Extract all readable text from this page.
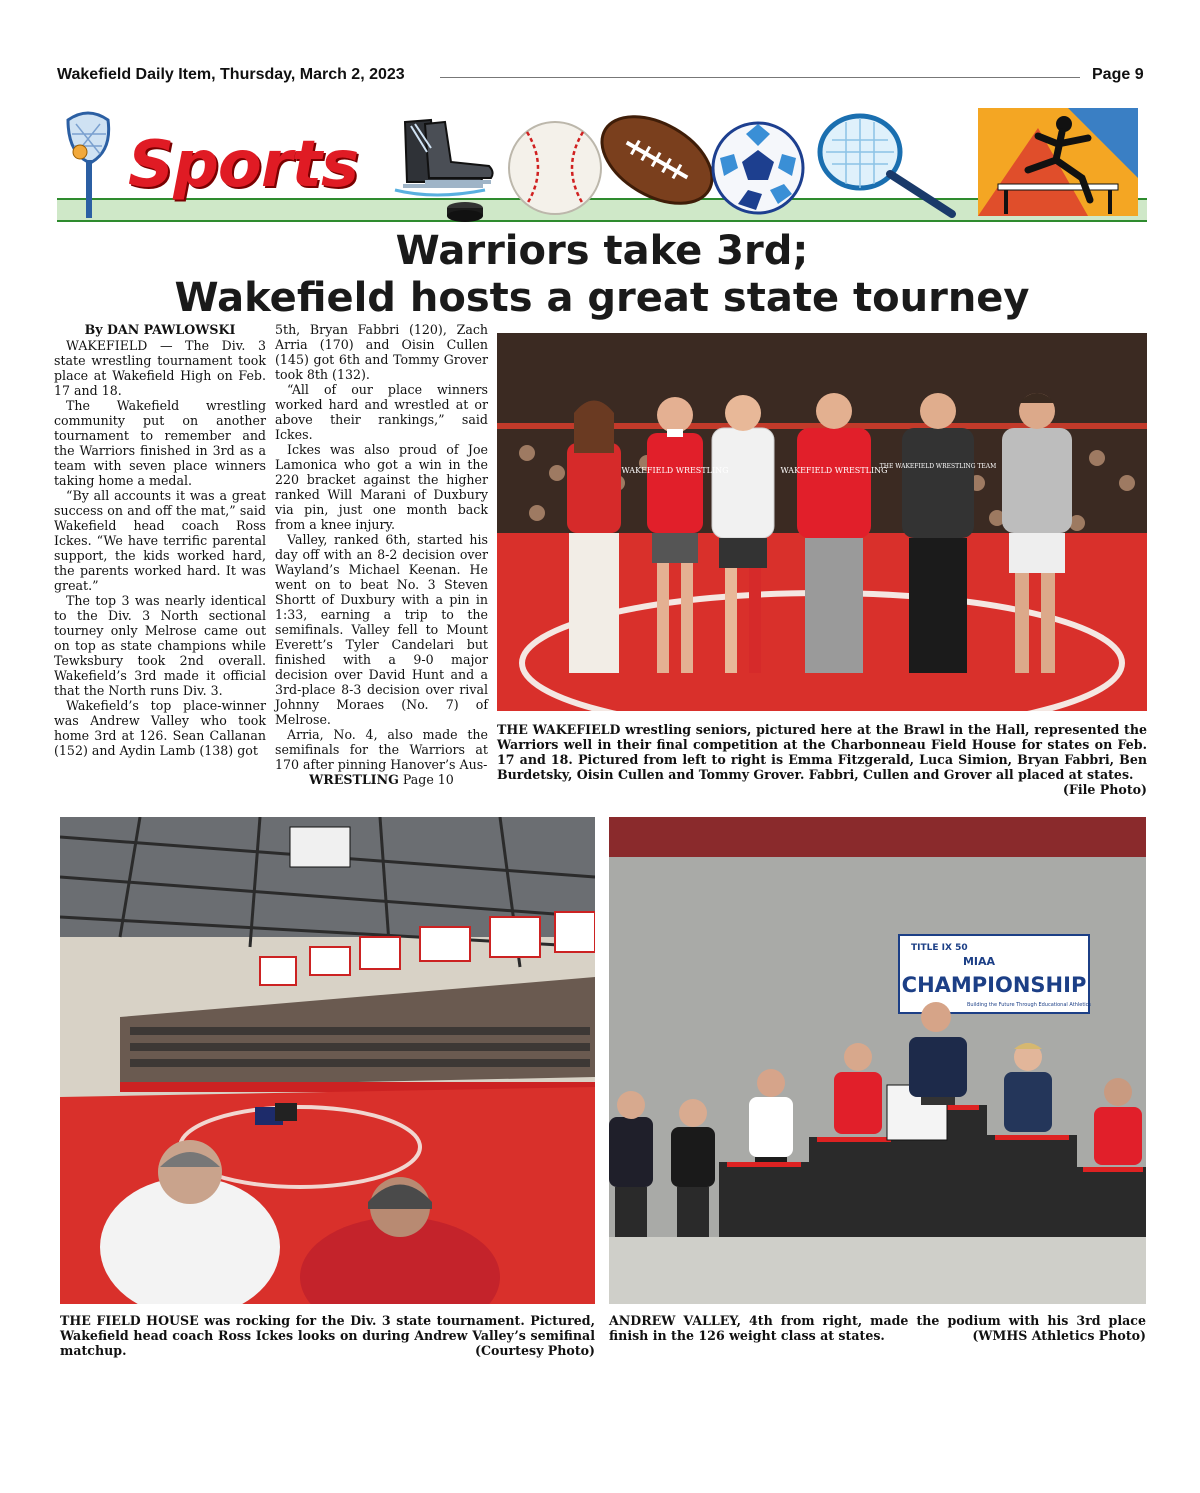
Wakefield Daily Item, Thursday, March 2, 2023	Page 9
Sports
Warriors take 3rd;
Wakefield hosts a great state tourney

By DAN PAWLOWSKI

WAKEFIELD — The Div. 3 state wrestling tournament took place at Wakefield High on Feb. 17 and 18.

The Wakefield wrestling community put on another tournament to remember and the Warriors finished in 3rd as a team with seven place winners taking home a medal.

“By all accounts it was a great success on and off the mat,” said Wakefield head coach Ross Ickes. “We have terrific parental support, the kids worked hard, the parents worked hard. It was great.”

The top 3 was nearly identical to the Div. 3 North sectional tourney only Melrose came out on top as state champions while Tewksbury took 2nd overall. Wakefield’s 3rd made it official that the North runs Div. 3.

Wakefield’s top place-winner was Andrew Valley who took home 3rd at 126. Sean Callanan (152) and Aydin Lamb (138) got

5th, Bryan Fabbri (120), Zach Arria (170) and Oisin Cullen (145) got 6th and Tommy Grover took 8th (132).

“All of our place winners worked hard and wrestled at or above their rankings,” said Ickes.

Ickes was also proud of Joe Lamonica who got a win in the 220 bracket against the higher ranked Will Marani of Duxbury via pin, just one month back from a knee injury.

Valley, ranked 6th, started his day off with an 8-2 decision over Wayland’s Michael Keenan. He went on to beat No. 3 Steven Shortt of Duxbury with a pin in 1:33, earning a trip to the semifinals. Valley fell to Mount Everett’s Tyler Candelari but finished with a 9-0 major decision over David Hunt and a 3rd-place 8-3 decision over rival Johnny Moraes (No. 7) of Melrose.

Arria, No. 4, also made the semifinals for the Warriors at 170 after pinning Hanover’s Aus-

WRESTLING Page 10

WAKEFIELD WRESTLING	WAKEFIELD WRESTLING
THE WAKEFIELD WRESTLING TEAM
THE WAKEFIELD wrestling seniors, pictured here at the Brawl in the Hall, represented the Warriors well in their final competition at the Charbonneau Field House for states on Feb. 17 and 18. Pictured from left to right is Emma Fitzgerald, Luca Simion, Bryan Fabbri, Ben Burdetsky, Oisin Cullen and Tommy Grover. Fabbri, Cullen and Grover all placed at states.
(File Photo)
THE FIELD HOUSE was rocking for the Div. 3 state tournament. Pictured, Wakefield head coach Ross Ickes looks on during Andrew Valley’s semifinal matchup.	(Courtesy Photo)
TITLE IX 50
MIAA
CHAMPIONSHIP
Building the Future Through Educational Athletics
ANDREW VALLEY, 4th from right, made the podium with his 3rd place finish in the 126 weight class at states.	(WMHS Athletics Photo)
